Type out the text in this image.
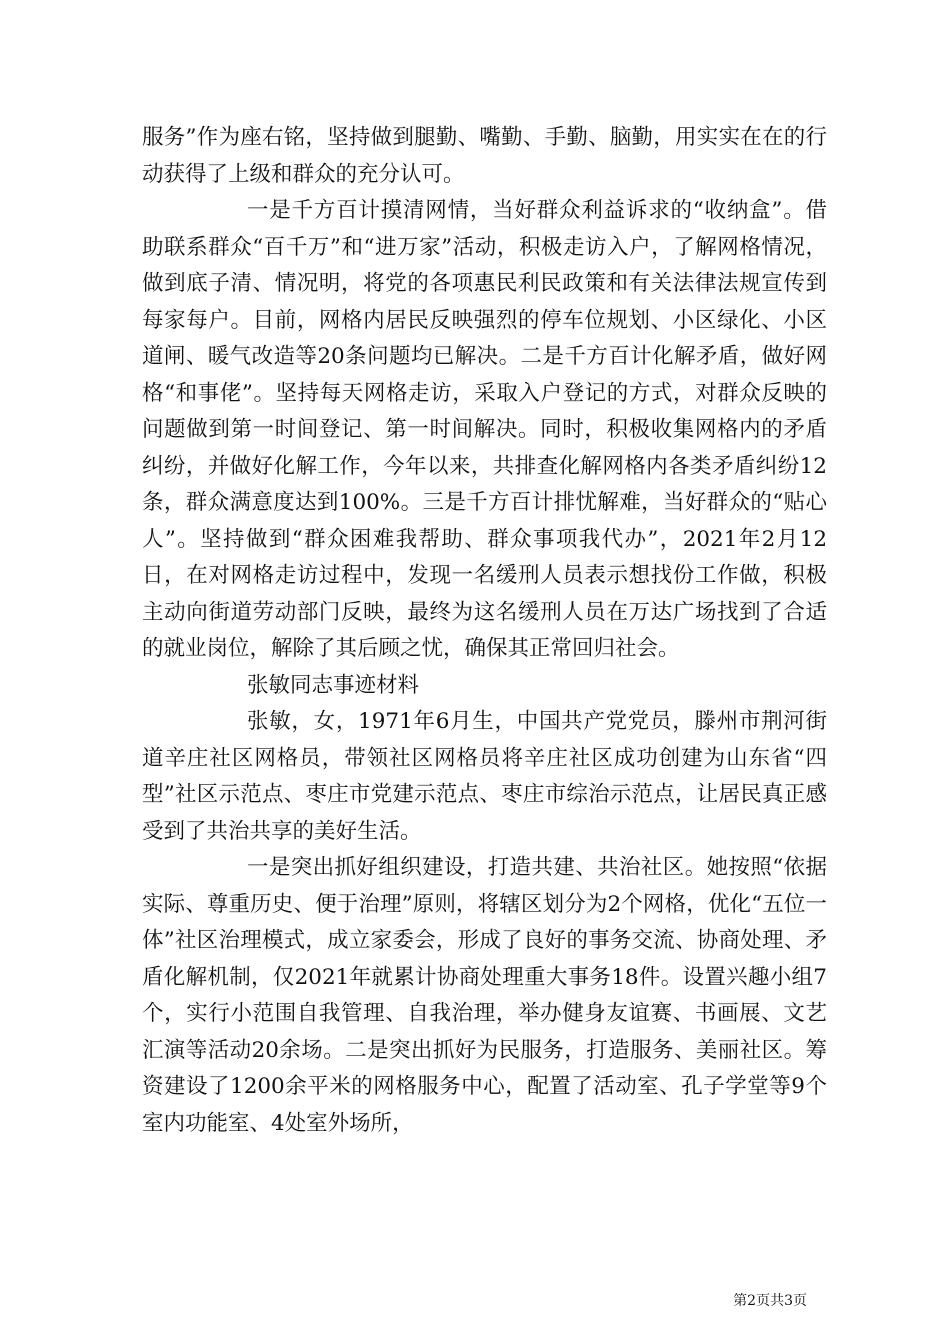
服务”作为座右铭，坚持做到腿勤、嘴勤、手勤、脑勤，用实实在在的行动获得了上级和群众的充分认可。

一是千方百计摸清网情，当好群众利益诉求的“收纳盒”。借助联系群众“百千万”和“进万家”活动，积极走访入户，了解网格情况，做到底子清、情况明，将党的各项惠民利民政策和有关法律法规宣传到每家每户。目前，网格内居民反映强烈的停车位规划、小区绿化、小区道闸、暖气改造等20条问题均已解决。二是千方百计化解矛盾，做好网格“和事佬”。坚持每天网格走访，采取入户登记的方式，对群众反映的问题做到第一时间登记、第一时间解决。同时，积极收集网格内的矛盾纠纷，并做好化解工作，今年以来，共排查化解网格内各类矛盾纠纷12条，群众满意度达到100%。三是千方百计排忧解难，当好群众的“贴心人”。坚持做到“群众困难我帮助、群众事项我代办”，2021年2月12日，在对网格走访过程中，发现一名缓刑人员表示想找份工作做，积极主动向街道劳动部门反映，最终为这名缓刑人员在万达广场找到了合适的就业岗位，解除了其后顾之忧，确保其正常回归社会。

张敏同志事迹材料

张敏，女，1971年6月生，中国共产党党员，滕州市荆河街道辛庄社区网格员，带领社区网格员将辛庄社区成功创建为山东省“四型”社区示范点、枣庄市党建示范点、枣庄市综治示范点，让居民真正感受到了共治共享的美好生活。

一是突出抓好组织建设，打造共建、共治社区。她按照“依据实际、尊重历史、便于治理”原则，将辖区划分为2个网格，优化“五位一体”社区治理模式，成立家委会，形成了良好的事务交流、协商处理、矛盾化解机制，仅2021年就累计协商处理重大事务18件。设置兴趣小组7个，实行小范围自我管理、自我治理，举办健身友谊赛、书画展、文艺汇演等活动20余场。二是突出抓好为民服务，打造服务、美丽社区。筹资建设了1200余平米的网格服务中心，配置了活动室、孔子学堂等9个室内功能室、4处室外场所，

第2页共3页
